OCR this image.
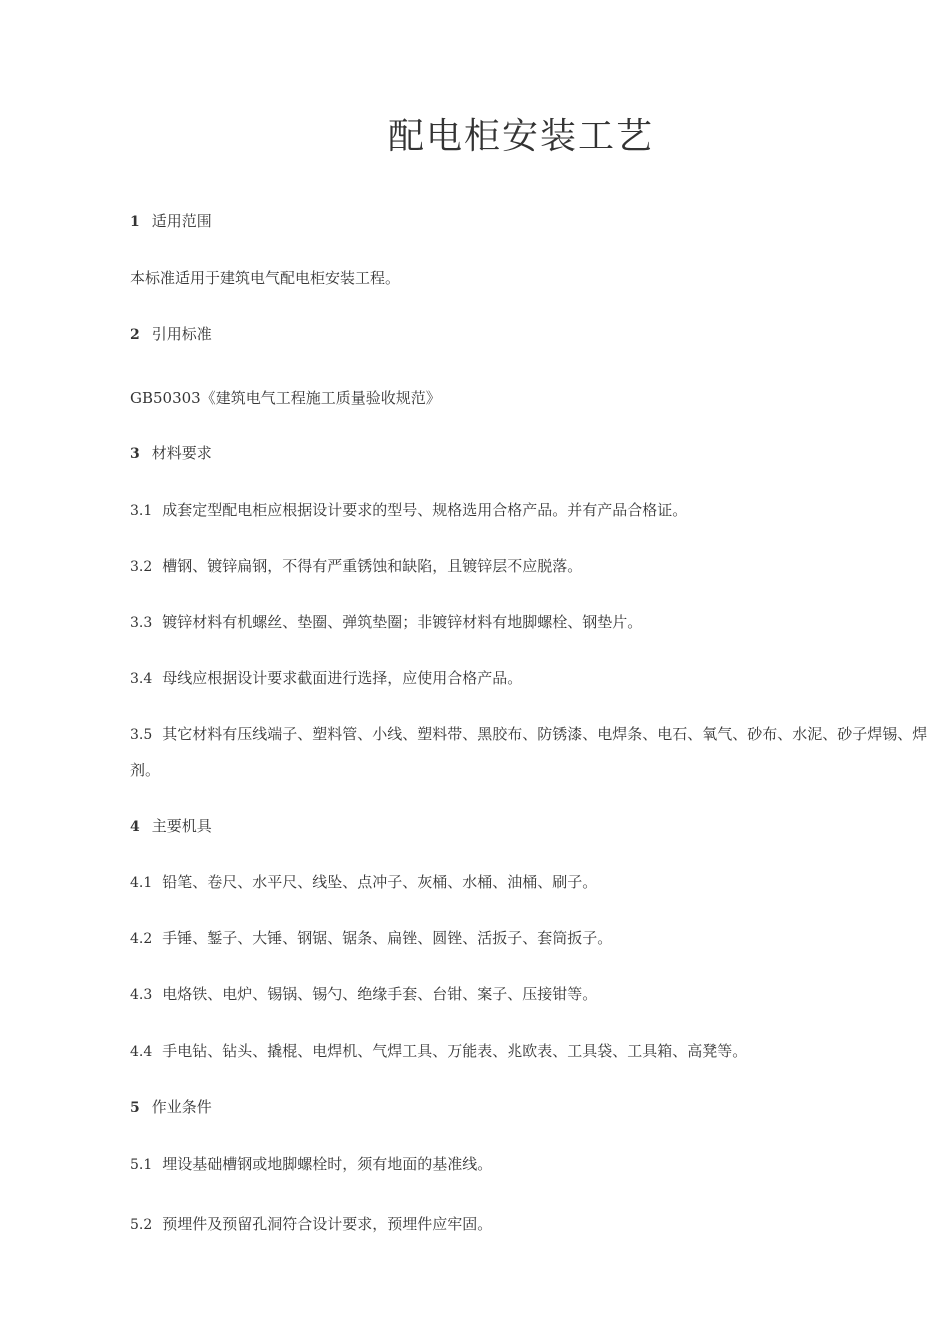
配电柜安装工艺
1 适用范围
本标准适用于建筑电气配电柜安装工程。
2 引用标准
GB50303《建筑电气工程施工质量验收规范》
3 材料要求
3.1 成套定型配电柜应根据设计要求的型号、规格选用合格产品。并有产品合格证。
3.2 槽钢、镀锌扁钢，不得有严重锈蚀和缺陷，且镀锌层不应脱落。
3.3 镀锌材料有机螺丝、垫圈、弹筑垫圈；非镀锌材料有地脚螺栓、钢垫片。
3.4 母线应根据设计要求截面进行选择，应使用合格产品。
3.5 其它材料有压线端子、塑料管、小线、塑料带、黑胶布、防锈漆、电焊条、电石、氧气、砂布、水泥、砂子焊锡、焊剂。
4 主要机具
4.1 铅笔、卷尺、水平尺、线坠、点冲子、灰桶、水桶、油桶、刷子。
4.2 手锤、錾子、大锤、钢锯、锯条、扁锉、圆锉、活扳子、套筒扳子。
4.3 电烙铁、电炉、锡锅、锡勺、绝缘手套、台钳、案子、压接钳等。
4.4 手电钻、钻头、撬棍、电焊机、气焊工具、万能表、兆欧表、工具袋、工具箱、高凳等。
5 作业条件
5.1 埋设基础槽钢或地脚螺栓时，须有地面的基准线。
5.2 预埋件及预留孔洞符合设计要求，预埋件应牢固。
